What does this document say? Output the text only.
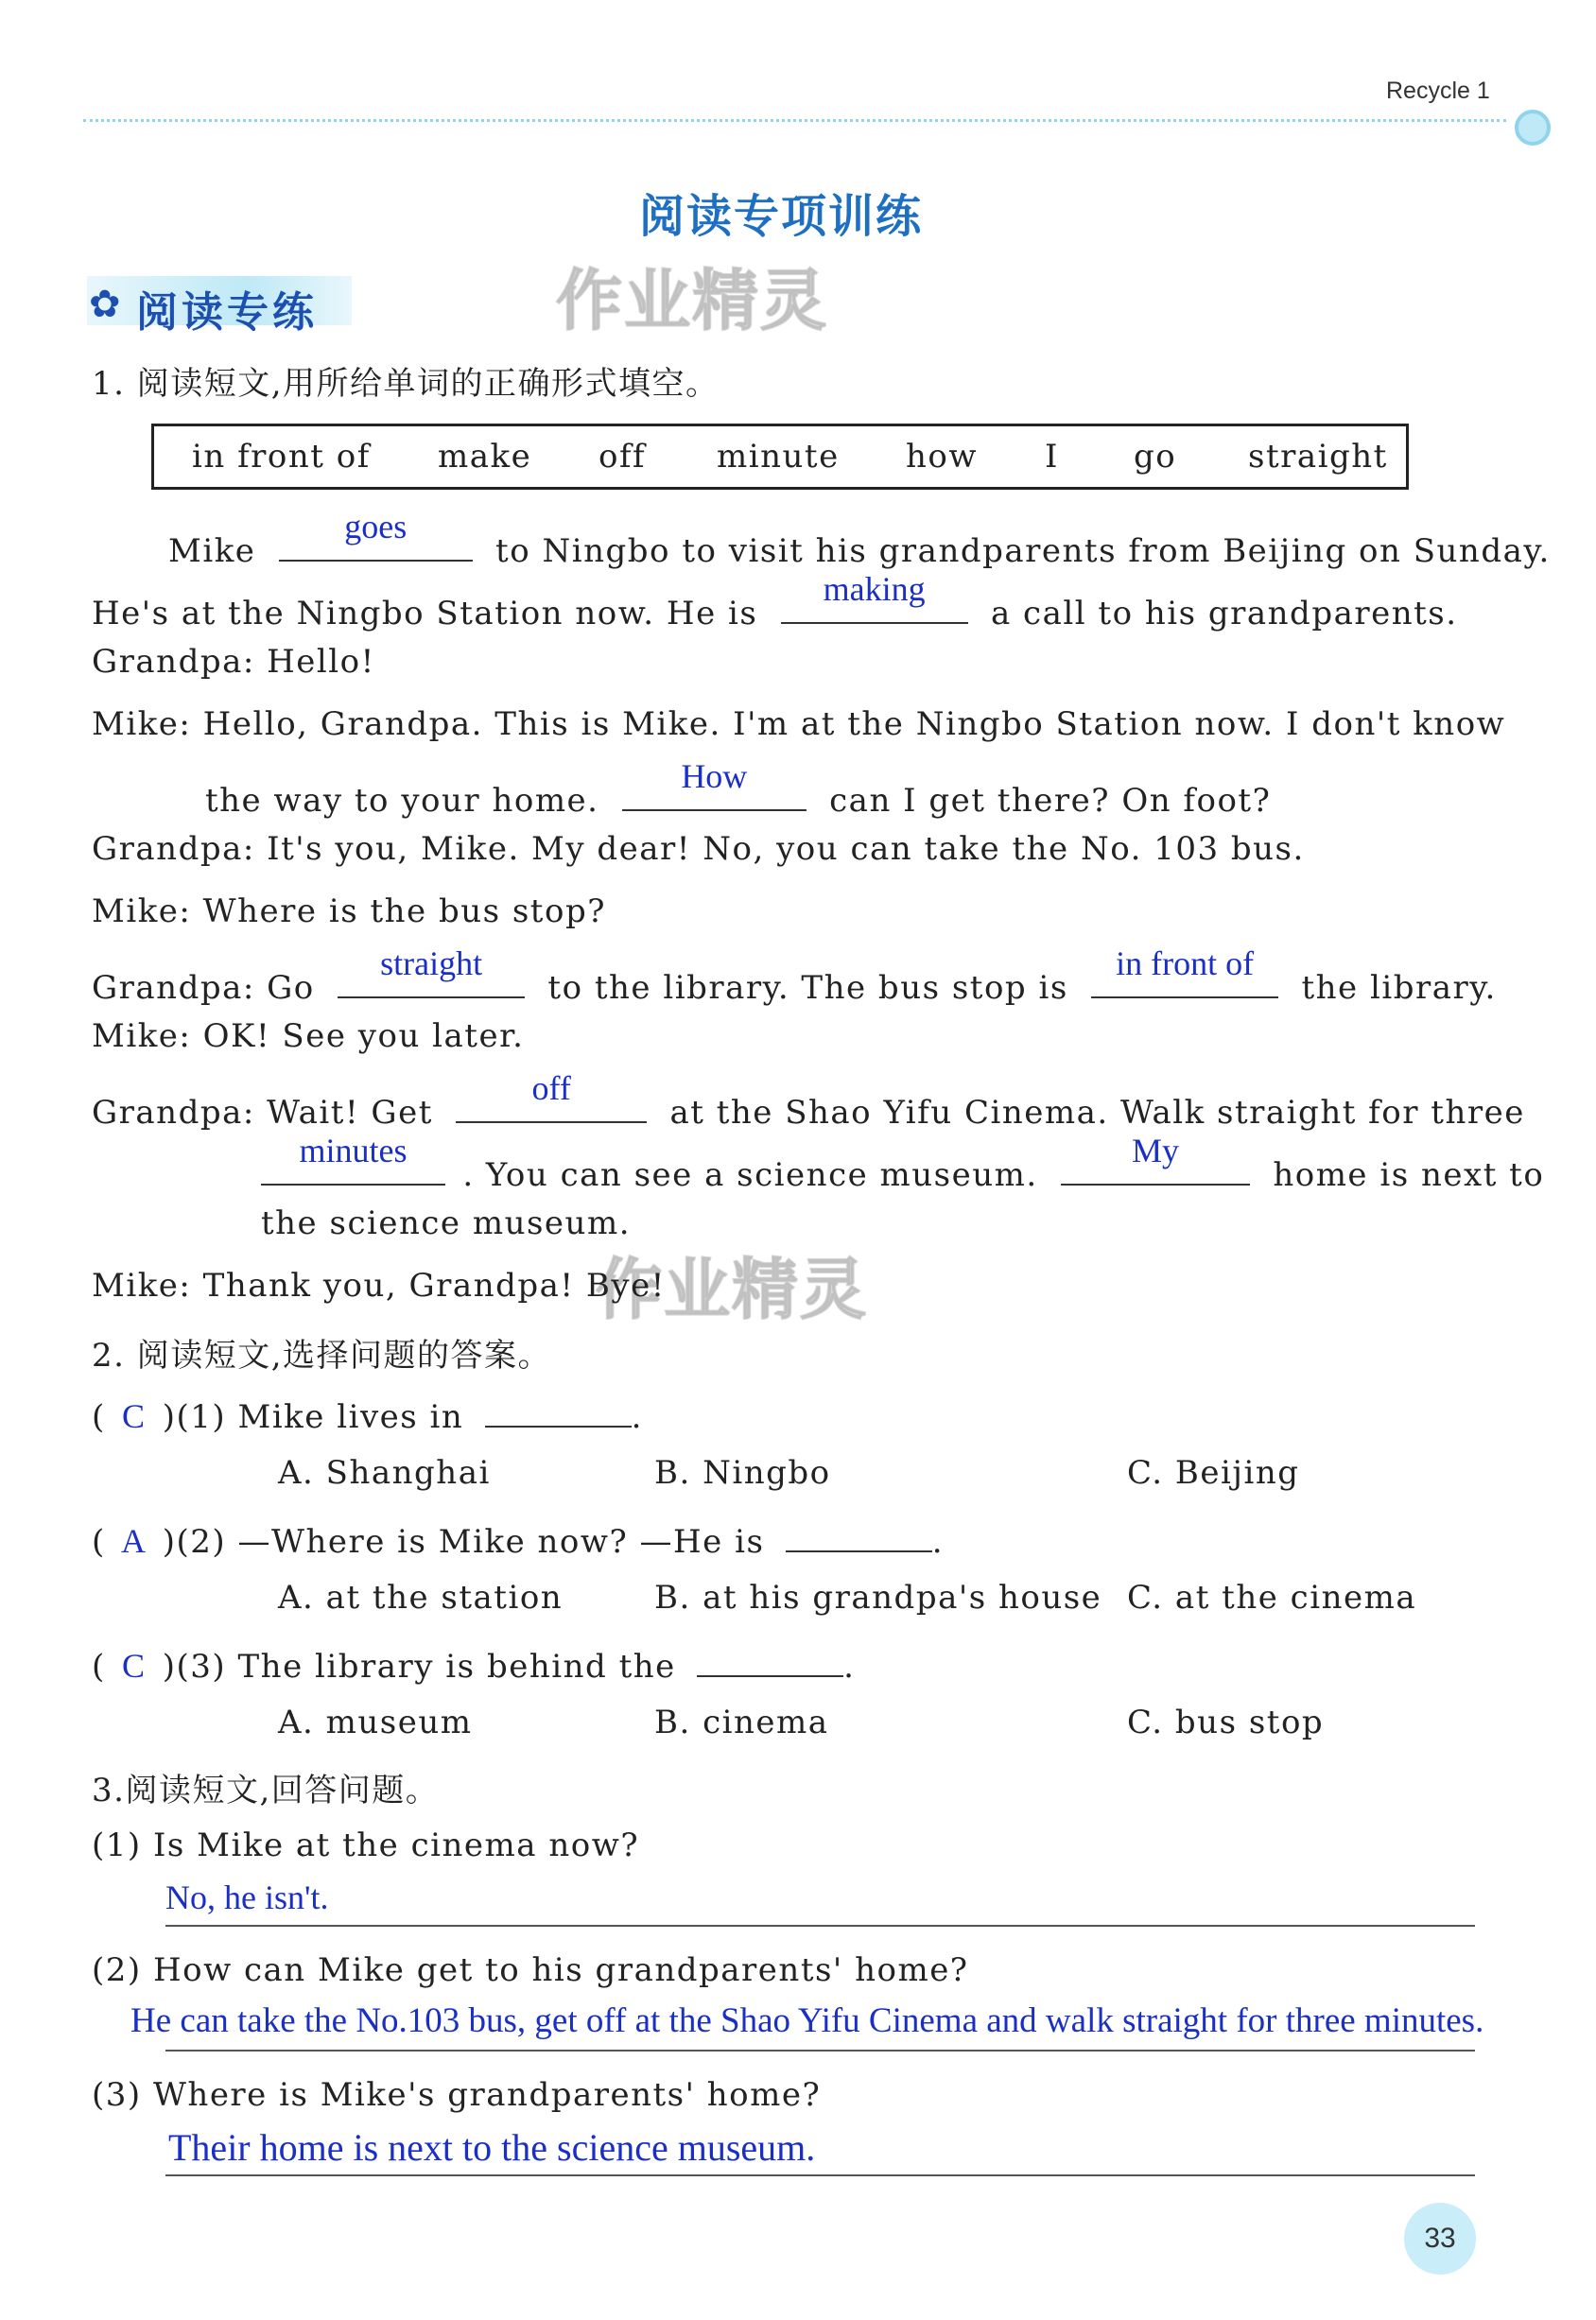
Recycle 1
阅读专项训练
✿ 阅读专练	作业精灵
作业精灵
1. 阅读短文,用所给单词的正确形式填空。
in front of make off minute how I go straight
Mike
goes
to Ningbo to visit his grandparents from Beijing on Sunday.
He's at the Ningbo Station now. He is
making
a call to his grandparents.
Grandpa: Hello!
Mike: Hello, Grandpa. This is Mike. I'm at the Ningbo Station now. I don't know
the way to your home.
How
can I get there? On foot?
Grandpa: It's you, Mike. My dear! No, you can take the No. 103 bus.
Mike: Where is the bus stop?
Grandpa: Go
straight
to the library. The bus stop is
in front of
the library.
Mike: OK! See you later.
Grandpa: Wait! Get
off
at the Shao Yifu Cinema. Walk straight for three
minutes
. You can see a science museum.
My
home is next to
the science museum.
Mike: Thank you, Grandpa! Bye!
2. 阅读短文,选择问题的答案。
( C )(1) Mike lives in	.
A. Shanghai	B. Ningbo	C. Beijing
( A )(2) —Where is Mike now? —He is	.
A. at the station	B. at his grandpa's house C. at the cinema
( C )(3) The library is behind the	.
A. museum	B. cinema	C. bus stop
3.阅读短文,回答问题。
(1) Is Mike at the cinema now?
No, he isn't.
(2) How can Mike get to his grandparents' home?
He can take the No.103 bus, get off at the Shao Yifu Cinema and walk straight for three minutes.
(3) Where is Mike's grandparents' home?
Their home is next to the science museum.
33
